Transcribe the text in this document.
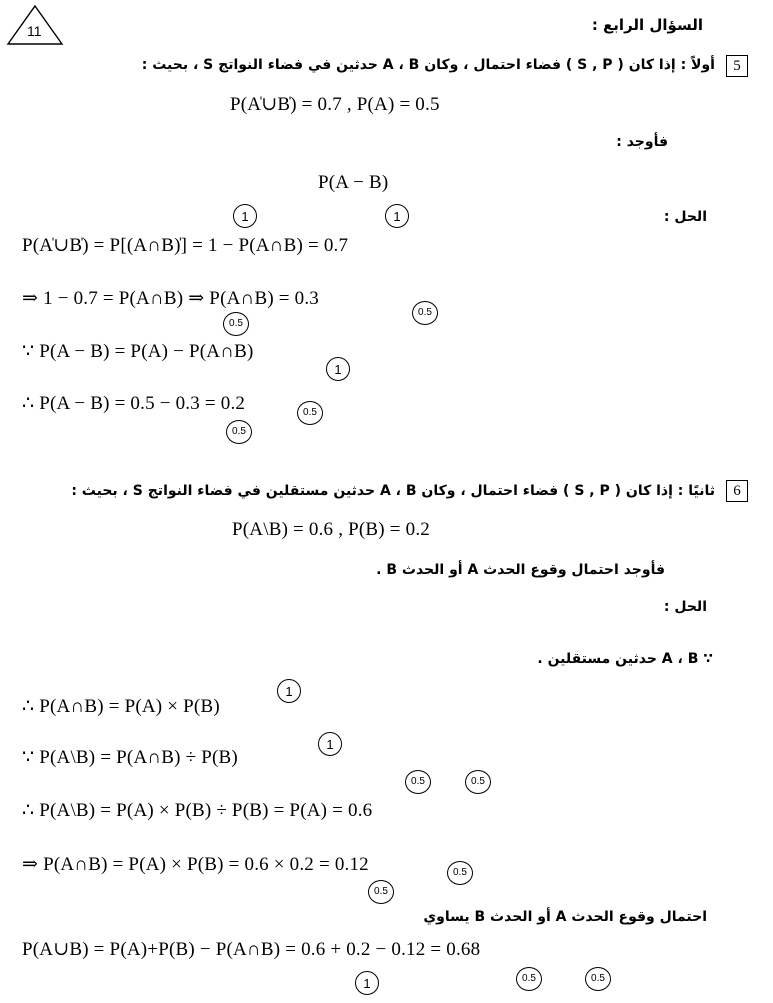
11	السؤال الرابع :
5
أولاً : إذا كان ( S , P ) فضاء احتمال ، وكان A ، B حدثين في فضاء النواتج S ، بحيث :
P(A̍∪B̍) = 0.7 , P(A) = 0.5
فأوجد :
P(A − B)
الحل :
1	1
P(A̍∪B̍) = P[(A∩B)̍] = 1 − P(A∩B) = 0.7
⇒ 1 − 0.7 = P(A∩B) ⇒ P(A∩B) = 0.3
0.5
0.5
∵ P(A − B) = P(A) − P(A∩B)
1
∴ P(A − B) = 0.5 − 0.3 = 0.2	0.5
0.5
6
ثانيًا : إذا كان ( S , P ) فضاء احتمال ، وكان A ، B حدثين مستقلين في فضاء النواتج S ، بحيث :
P(A\B) = 0.6 , P(B) = 0.2
فأوجد احتمال وقوع الحدث A أو الحدث B .
الحل :
∵ A ، B حدثين مستقلين .
∴ P(A∩B) = P(A) × P(B)
1
∵ P(A\B) = P(A∩B) ÷ P(B)
1
0.5	0.5
∴ P(A\B) = P(A) × P(B) ÷ P(B) = P(A) = 0.6
⇒ P(A∩B) = P(A) × P(B) = 0.6 × 0.2 = 0.12	0.5
0.5
احتمال وقوع الحدث A أو الحدث B يساوي
P(A∪B) = P(A)+P(B) − P(A∩B) = 0.6 + 0.2 − 0.12 = 0.68
1	0.5	0.5
